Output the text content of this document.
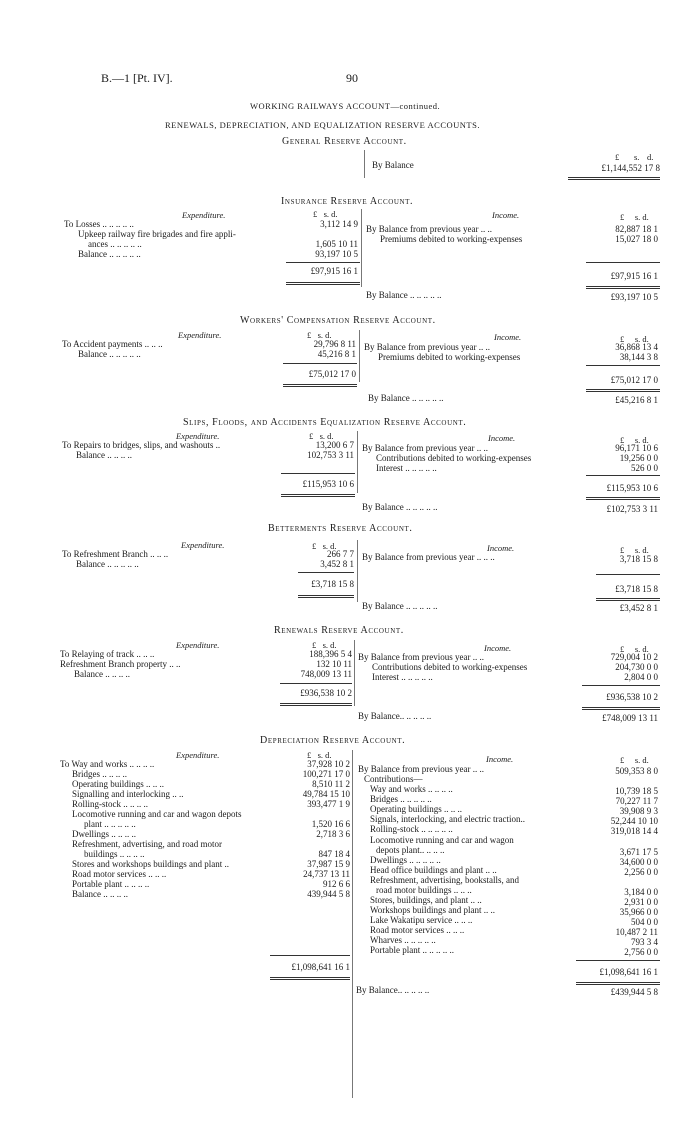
B.—1 [Pt. IV].	90
WORKING RAILWAYS ACCOUNT—continued.
RENEWALS, DEPRECIATION, AND EQUALIZATION RESERVE ACCOUNTS.
General Reserve Account.
By Balance
£ s. d.
£1,144,552 17 8
Insurance Reserve Account.
Expenditure.	Income.
£   s. d.	£     s. d.
To Losses .. .. .. .. ..	3,112 14 9
Upkeep railway fire brigades and fire appli-
ances .. .. .. .. ..	1,605 10 11
Balance .. .. .. .. ..	93,197 10 5
By Balance from previous year .. ..	82,887 18 1
Premiums debited to working-expenses	15,027 18 0
£97,915 16 1	£97,915 16 1
By Balance .. .. .. .. ..	£93,197 10 5
Workers' Compensation Reserve Account.
Expenditure.	Income.
£   s. d.	£     s. d.
To Accident payments .. .. ..	29,796 8 11
Balance .. .. .. .. ..	45,216 8 1
By Balance from previous year .. ..	36,868 13 4
Premiums debited to working-expenses	38,144 3 8
£75,012 17 0
£75,012 17 0
By Balance .. .. .. .. ..	£45,216 8 1
Slips, Floods, and Accidents Equalization Reserve Account.
Expenditure.	Income.
£   s. d.	£     s. d.
To Repairs to bridges, slips, and washouts ..	13,200 6 7
Balance .. .. .. ..	102,753 3 11
By Balance from previous year .. ..	96,171 10 6
Contributions debited to working-expenses	19,256 0 0
Interest .. .. .. .. ..	526 0 0
£115,953 10 6	£115,953 10 6
By Balance .. .. .. .. ..	£102,753 3 11
Betterments Reserve Account.
Expenditure.	Income.
£   s. d.	£     s. d.
To Refreshment Branch .. .. ..	266 7 7
Balance .. .. .. .. ..	3,452 8 1
By Balance from previous year .. .. ..	3,718 15 8
£3,718 15 8	£3,718 15 8
By Balance .. .. .. .. ..	£3,452 8 1
Renewals Reserve Account.
Expenditure.	Income.
£   s. d.	£     s. d.
To Relaying of track .. .. ..	188,396 5 4
Refreshment Branch property .. ..	132 10 11
Balance .. .. .. ..	748,009 13 11
By Balance from previous year .. ..	729,004 10 2
Contributions debited to working-expenses	204,730 0 0
Interest .. .. .. .. ..	2,804 0 0
£936,538 10 2	£936,538 10 2
By Balance.. .. .. .. ..	£748,009 13 11
Depreciation Reserve Account.
Expenditure.	Income.
£   s. d.	£     s. d.
To Way and works .. .. .. ..	37,928 10 2
Bridges .. .. .. ..	100,271 17 0
Operating buildings .. .. ..	8,510 11 2
Signalling and interlocking .. ..	49,784 15 10
Rolling-stock .. .. .. ..	393,477 1 9
Locomotive running and car and wagon depots
plant .. .. .. .. ..	1,520 16 6
Dwellings .. .. .. ..	2,718 3 6
Refreshment, advertising, and road motor
buildings .. .. .. ..	847 18 4
Stores and workshops buildings and plant ..	37,987 15 9
Road motor services .. .. ..	24,737 13 11
Portable plant .. .. .. ..	912 6 6
Balance .. .. .. ..	439,944 5 8
By Balance from previous year .. ..	509,353 8 0
Contributions—
Way and works .. .. .. ..	10,739 18 5
Bridges .. .. .. .. ..	70,227 11 7
Operating buildings .. .. ..	39,908 9 3
Signals, interlocking, and electric traction..	52,244 10 10
Rolling-stock .. .. .. .. ..	319,018 14 4
Locomotive running and car and wagon
depots plant.. .. .. ..	3,671 17 5
Dwellings .. .. .. .. ..	34,600 0 0
Head office buildings and plant .. ..	2,256 0 0
Refreshment, advertising, bookstalls, and
road motor buildings .. .. ..	3,184 0 0
Stores, buildings, and plant .. ..	2,931 0 0
Workshops buildings and plant .. ..	35,966 0 0
Lake Wakatipu service .. .. ..	504 0 0
Road motor services .. .. ..	10,487 2 11
Wharves .. .. .. .. ..	793 3 4
Portable plant .. .. .. .. ..	2,756 0 0
£1,098,641 16 1	£1,098,641 16 1
By Balance.. .. .. .. ..	£439,944 5 8
